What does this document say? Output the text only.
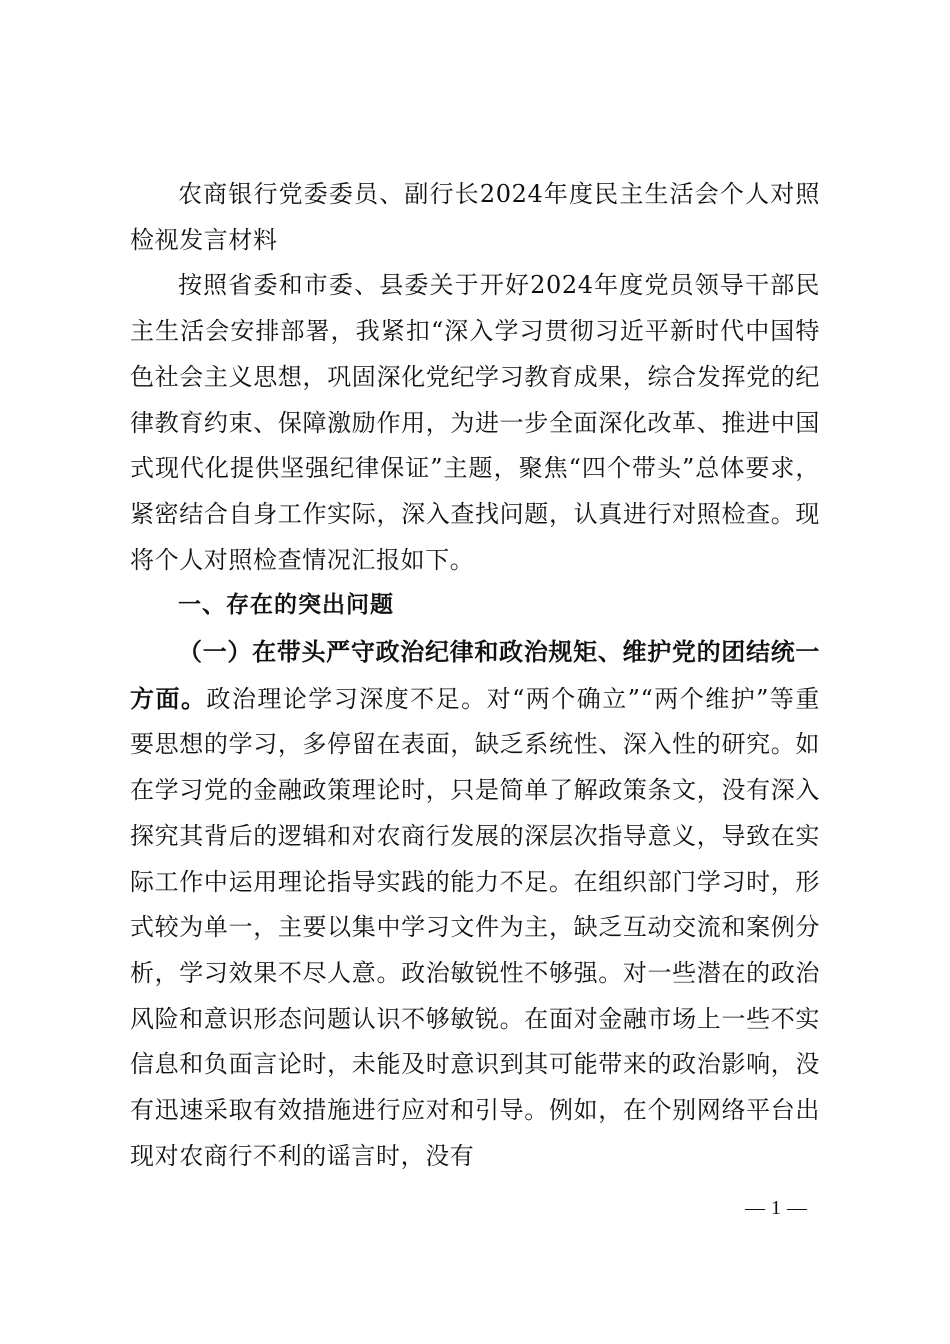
农商银行党委委员、副行长2024年度民主生活会个人对照检视发言材料

按照省委和市委、县委关于开好2024年度党员领导干部民主生活会安排部署，我紧扣“深入学习贯彻习近平新时代中国特色社会主义思想，巩固深化党纪学习教育成果，综合发挥党的纪律教育约束、保障激励作用，为进一步全面深化改革、推进中国式现代化提供坚强纪律保证”主题，聚焦“四个带头”总体要求，紧密结合自身工作实际，深入查找问题，认真进行对照检查。现将个人对照检查情况汇报如下。

一、存在的突出问题

（一）在带头严守政治纪律和政治规矩、维护党的团结统一方面。政治理论学习深度不足。对“两个确立”“两个维护”等重要思想的学习，多停留在表面，缺乏系统性、深入性的研究。如在学习党的金融政策理论时，只是简单了解政策条文，没有深入探究其背后的逻辑和对农商行发展的深层次指导意义，导致在实际工作中运用理论指导实践的能力不足。在组织部门学习时，形式较为单一，主要以集中学习文件为主，缺乏互动交流和案例分析，学习效果不尽人意。政治敏锐性不够强。对一些潜在的政治风险和意识形态问题认识不够敏锐。在面对金融市场上一些不实信息和负面言论时，未能及时意识到其可能带来的政治影响，没有迅速采取有效措施进行应对和引导。例如，在个别网络平台出现对农商行不利的谣言时，没有

— 1 —
